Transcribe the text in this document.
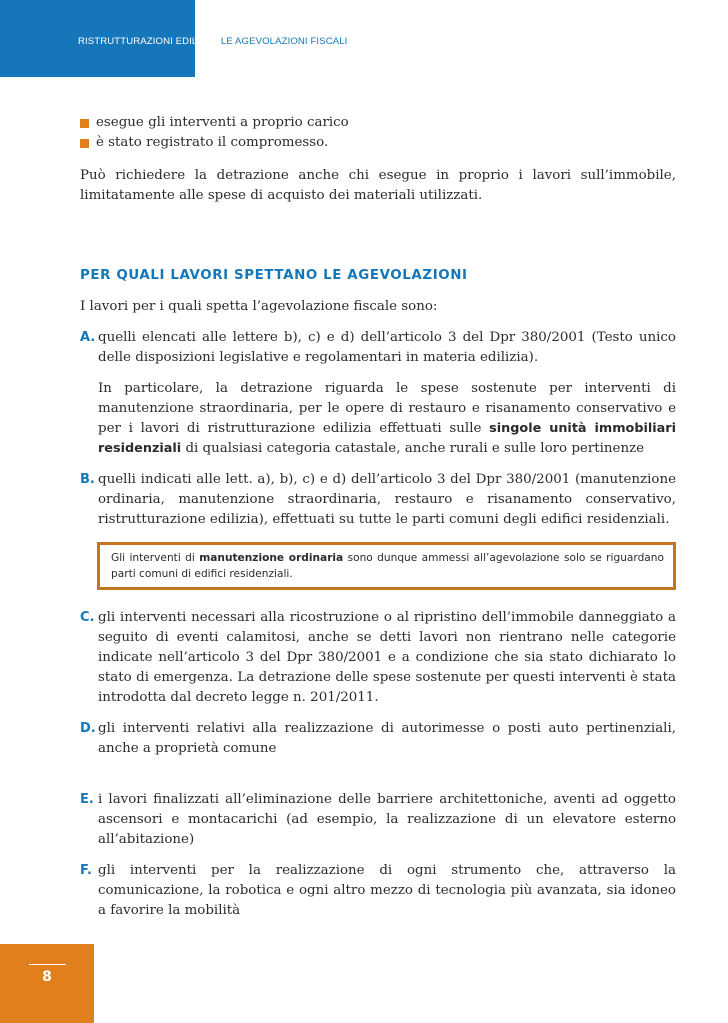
RISTRUTTURAZIONI EDILIZIE: LE AGEVOLAZIONI FISCALI
esegue gli interventi a proprio carico
è stato registrato il compromesso.

Può richiedere la detrazione anche chi esegue in proprio i lavori sull’immobile, limitatamente alle spese di acquisto dei materiali utilizzati.

PER QUALI LAVORI SPETTANO LE AGEVOLAZIONI

I lavori per i quali spetta l’agevolazione fiscale sono:

A. quelli elencati alle lettere b), c) e d) dell’articolo 3 del Dpr 380/2001 (Testo unico delle disposizioni legislative e regolamentari in materia edilizia).

In particolare, la detrazione riguarda le spese sostenute per interventi di manutenzione straordinaria, per le opere di restauro e risanamento conservativo e per i lavori di ristrutturazione edilizia effettuati sulle singole unità immobiliari residenziali di qualsiasi categoria catastale, anche rurali e sulle loro pertinenze

B. quelli indicati alle lett. a), b), c) e d) dell’articolo 3 del Dpr 380/2001 (manutenzione ordinaria, manutenzione straordinaria, restauro e risanamento conservativo, ristrutturazione edilizia), effettuati su tutte le parti comuni degli edifici residenziali.

Gli interventi di manutenzione ordinaria sono dunque ammessi all’agevolazione solo se riguardano parti comuni di edifici residenziali.

C. gli interventi necessari alla ricostruzione o al ripristino dell’immobile danneggiato a seguito di eventi calamitosi, anche se detti lavori non rientrano nelle categorie indicate nell’articolo 3 del Dpr 380/2001 e a condizione che sia stato dichiarato lo stato di emergenza. La detrazione delle spese sostenute per questi interventi è stata introdotta dal decreto legge n. 201/2011.

D. gli interventi relativi alla realizzazione di autorimesse o posti auto pertinenziali, anche a proprietà comune

E. i lavori finalizzati all’eliminazione delle barriere architettoniche, aventi ad oggetto ascensori e montacarichi (ad esempio, la realizzazione di un elevatore esterno all’abitazione)

F. gli interventi per la realizzazione di ogni strumento che, attraverso la comunicazione, la robotica e ogni altro mezzo di tecnologia più avanzata, sia idoneo a favorire la mobilità

8
